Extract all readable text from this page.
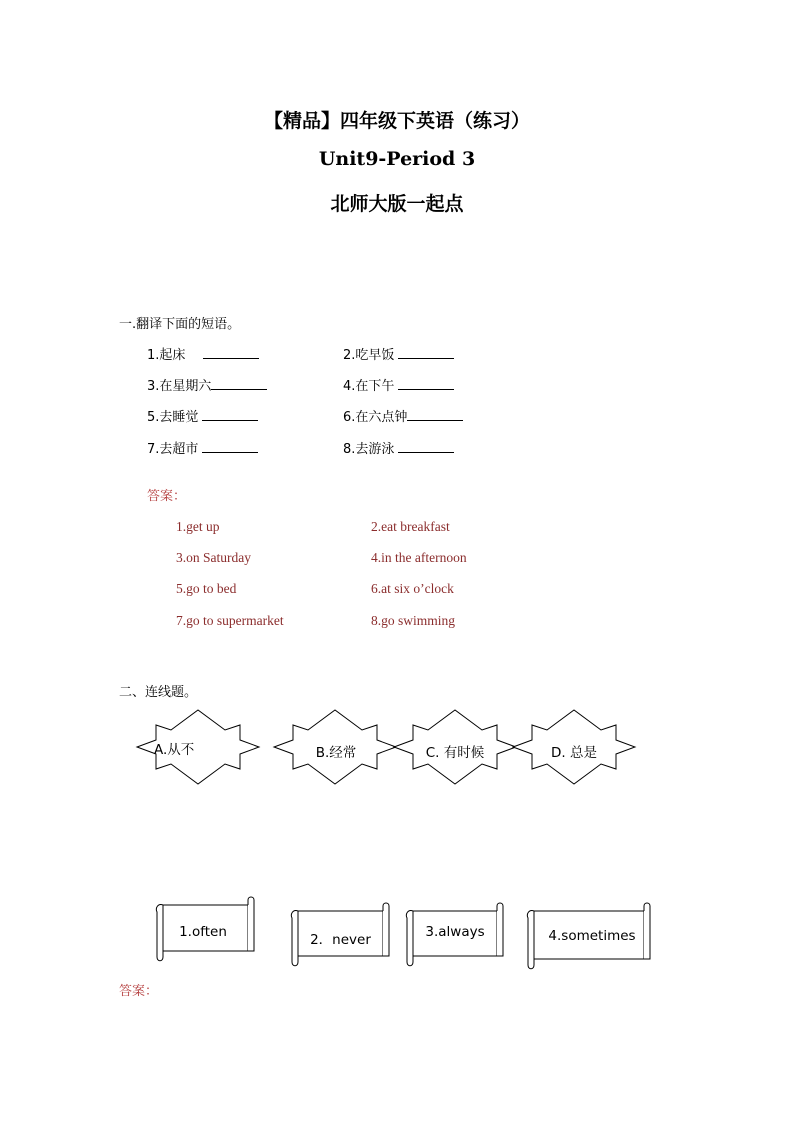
【精品】四年级下英语（练习）
Unit9-Period 3
北师大版一起点
一.翻译下面的短语。
1.起床	2.吃早饭
3.在星期六	4.在下午
5.去睡觉	6.在六点钟
7.去超市	8.去游泳
答案：
1.get up	2.eat breakfast
3.on Saturday	4.in the afternoon
5.go to bed	6.at six o’clock
7.go to supermarket	8.go swimming
二、连线题。
A.从不	B.经常	C. 有时候	D. 总是
1.often	2．never	3.always	4.sometimes
答案：
